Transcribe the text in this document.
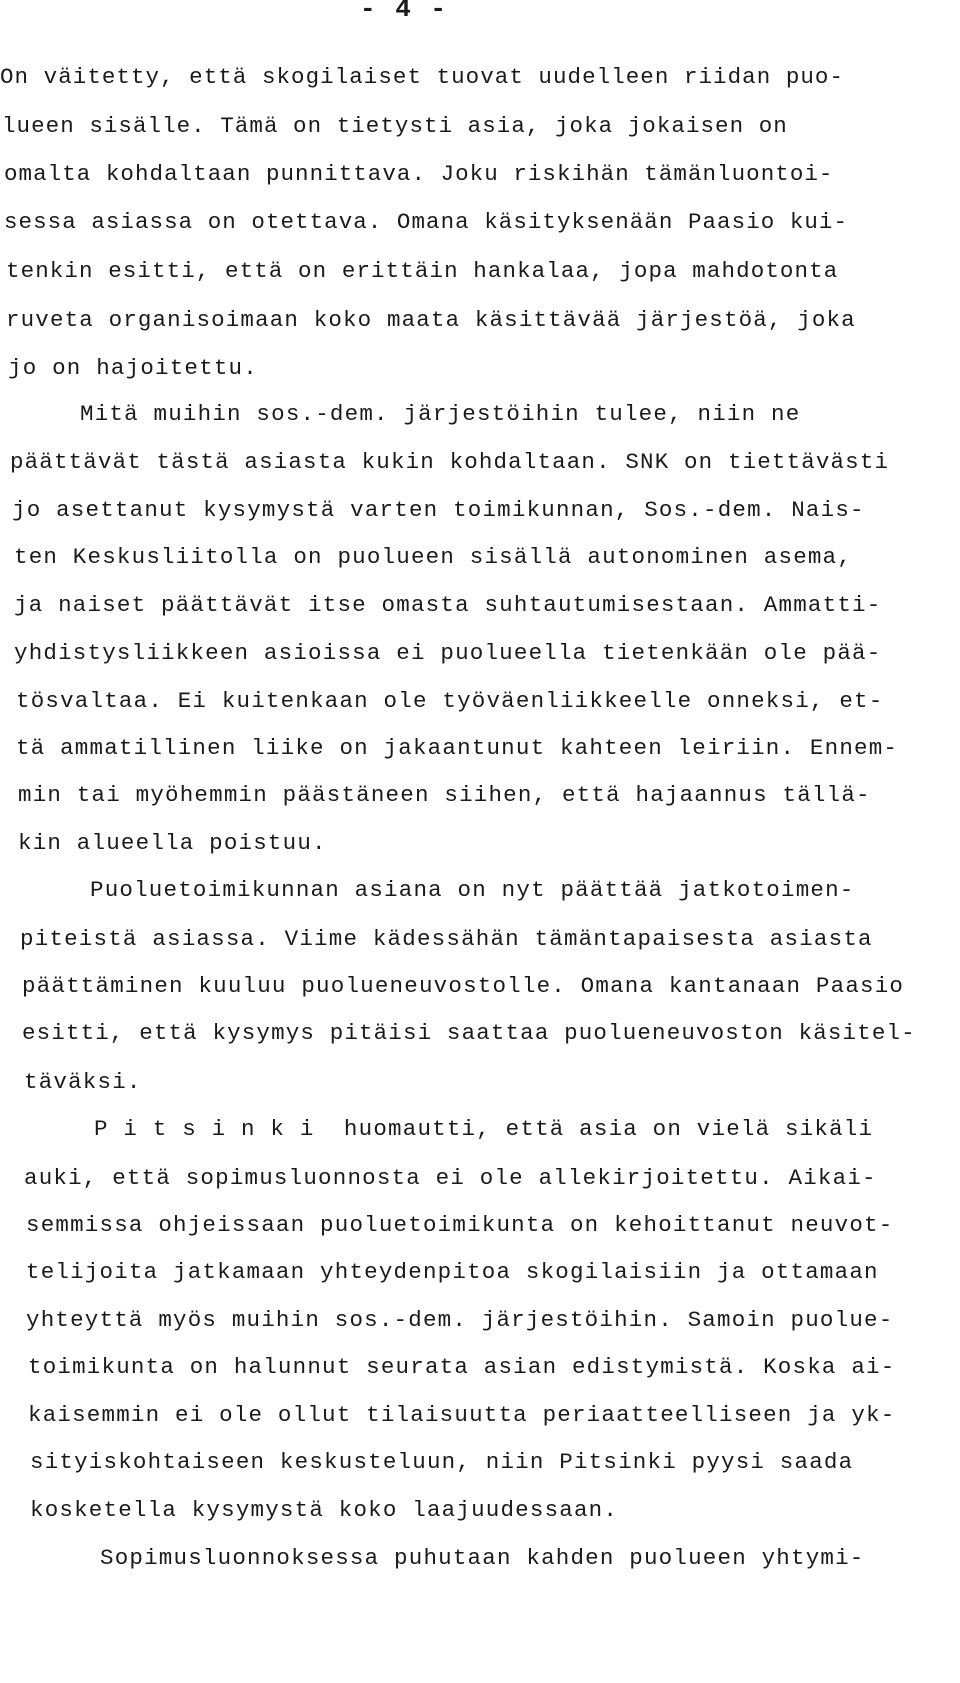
- 4 -
On väitetty, että skogilaiset tuovat uudelleen riidan puo-
lueen sisälle. Tämä on tietysti asia, joka jokaisen on
omalta kohdaltaan punnittava. Joku riskihän tämänluontoi-
sessa asiassa on otettava. Omana käsityksenään Paasio kui-
tenkin esitti, että on erittäin hankalaa, jopa mahdotonta
ruveta organisoimaan koko maata käsittävää järjestöä, joka
jo on hajoitettu.
Mitä muihin sos.-dem. järjestöihin tulee, niin ne
päättävät tästä asiasta kukin kohdaltaan. SNK on tiettävästi
jo asettanut kysymystä varten toimikunnan, Sos.-dem. Nais-
ten Keskusliitolla on puolueen sisällä autonominen asema,
ja naiset päättävät itse omasta suhtautumisestaan. Ammatti-
yhdistysliikkeen asioissa ei puolueella tietenkään ole pää-
tösvaltaa. Ei kuitenkaan ole työväenliikkeelle onneksi, et-
tä ammatillinen liike on jakaantunut kahteen leiriin. Ennem-
min tai myöhemmin päästäneen siihen, että hajaannus tällä-
kin alueella poistuu.
Puoluetoimikunnan asiana on nyt päättää jatkotoimen-
piteistä asiassa. Viime kädessähän tämäntapaisesta asiasta
päättäminen kuuluu puolueneuvostolle. Omana kantanaan Paasio
esitti, että kysymys pitäisi saattaa puolueneuvoston käsitel-
täväksi.
P i t s i n k i  huomautti, että asia on vielä sikäli
auki, että sopimusluonnosta ei ole allekirjoitettu. Aikai-
semmissa ohjeissaan puoluetoimikunta on kehoittanut neuvot-
telijoita jatkamaan yhteydenpitoa skogilaisiin ja ottamaan
yhteyttä myös muihin sos.-dem. järjestöihin. Samoin puolue-
toimikunta on halunnut seurata asian edistymistä. Koska ai-
kaisemmin ei ole ollut tilaisuutta periaatteelliseen ja yk-
sityiskohtaiseen keskusteluun, niin Pitsinki pyysi saada
kosketella kysymystä koko laajuudessaan.
Sopimusluonnoksessa puhutaan kahden puolueen yhtymi-
